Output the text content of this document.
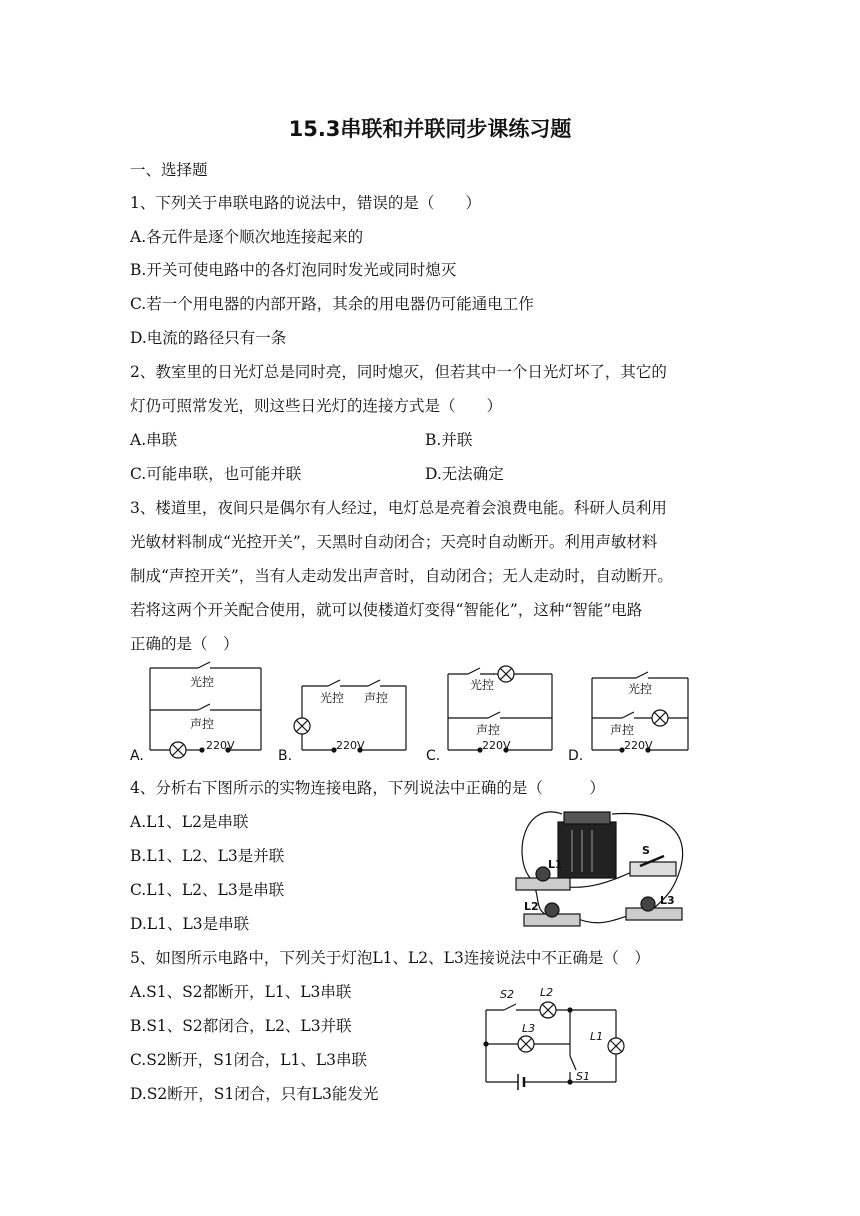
15.3串联和并联同步课练习题
一、选择题
1、下列关于串联电路的说法中，错误的是（　　）
A.各元件是逐个顺次地连接起来的
B.开关可使电路中的各灯泡同时发光或同时熄灭
C.若一个用电器的内部开路，其余的用电器仍可能通电工作
D.电流的路径只有一条
2、教室里的日光灯总是同时亮，同时熄灭，但若其中一个日光灯坏了，其它的
灯仍可照常发光，则这些日光灯的连接方式是（　　）
A.串联	B.并联
C.可能串联，也可能并联	D.无法确定
3、楼道里，夜间只是偶尔有人经过，电灯总是亮着会浪费电能。科研人员利用
光敏材料制成“光控开关”，天黑时自动闭合；天亮时自动断开。利用声敏材料
制成“声控开关”，当有人走动发出声音时，自动闭合；无人走动时，自动断开。
若将这两个开关配合使用，就可以使楼道灯变得“智能化”，这种“智能”电路
正确的是（　）
A.
光控
声控
220V
B.
光控 声控
220V
C.
光控
声控
220V
D.
光控
声控
220V
4、分析右下图所示的实物连接电路，下列说法中正确的是（　　　）
A.L1、L2是串联
B.L1、L2、L3是并联
C.L1、L2、L3是串联
D.L1、L3是串联
S
L1
L2	L3
5、如图所示电路中，下列关于灯泡L1、L2、L3连接说法中不正确是（　）
A.S1、S2都断开，L1、L3串联
B.S1、S2都闭合，L2、L3并联
C.S2断开，S1闭合，L1、L3串联
D.S2断开，S1闭合，只有L3能发光
S2 L2
L3
S1
L1
